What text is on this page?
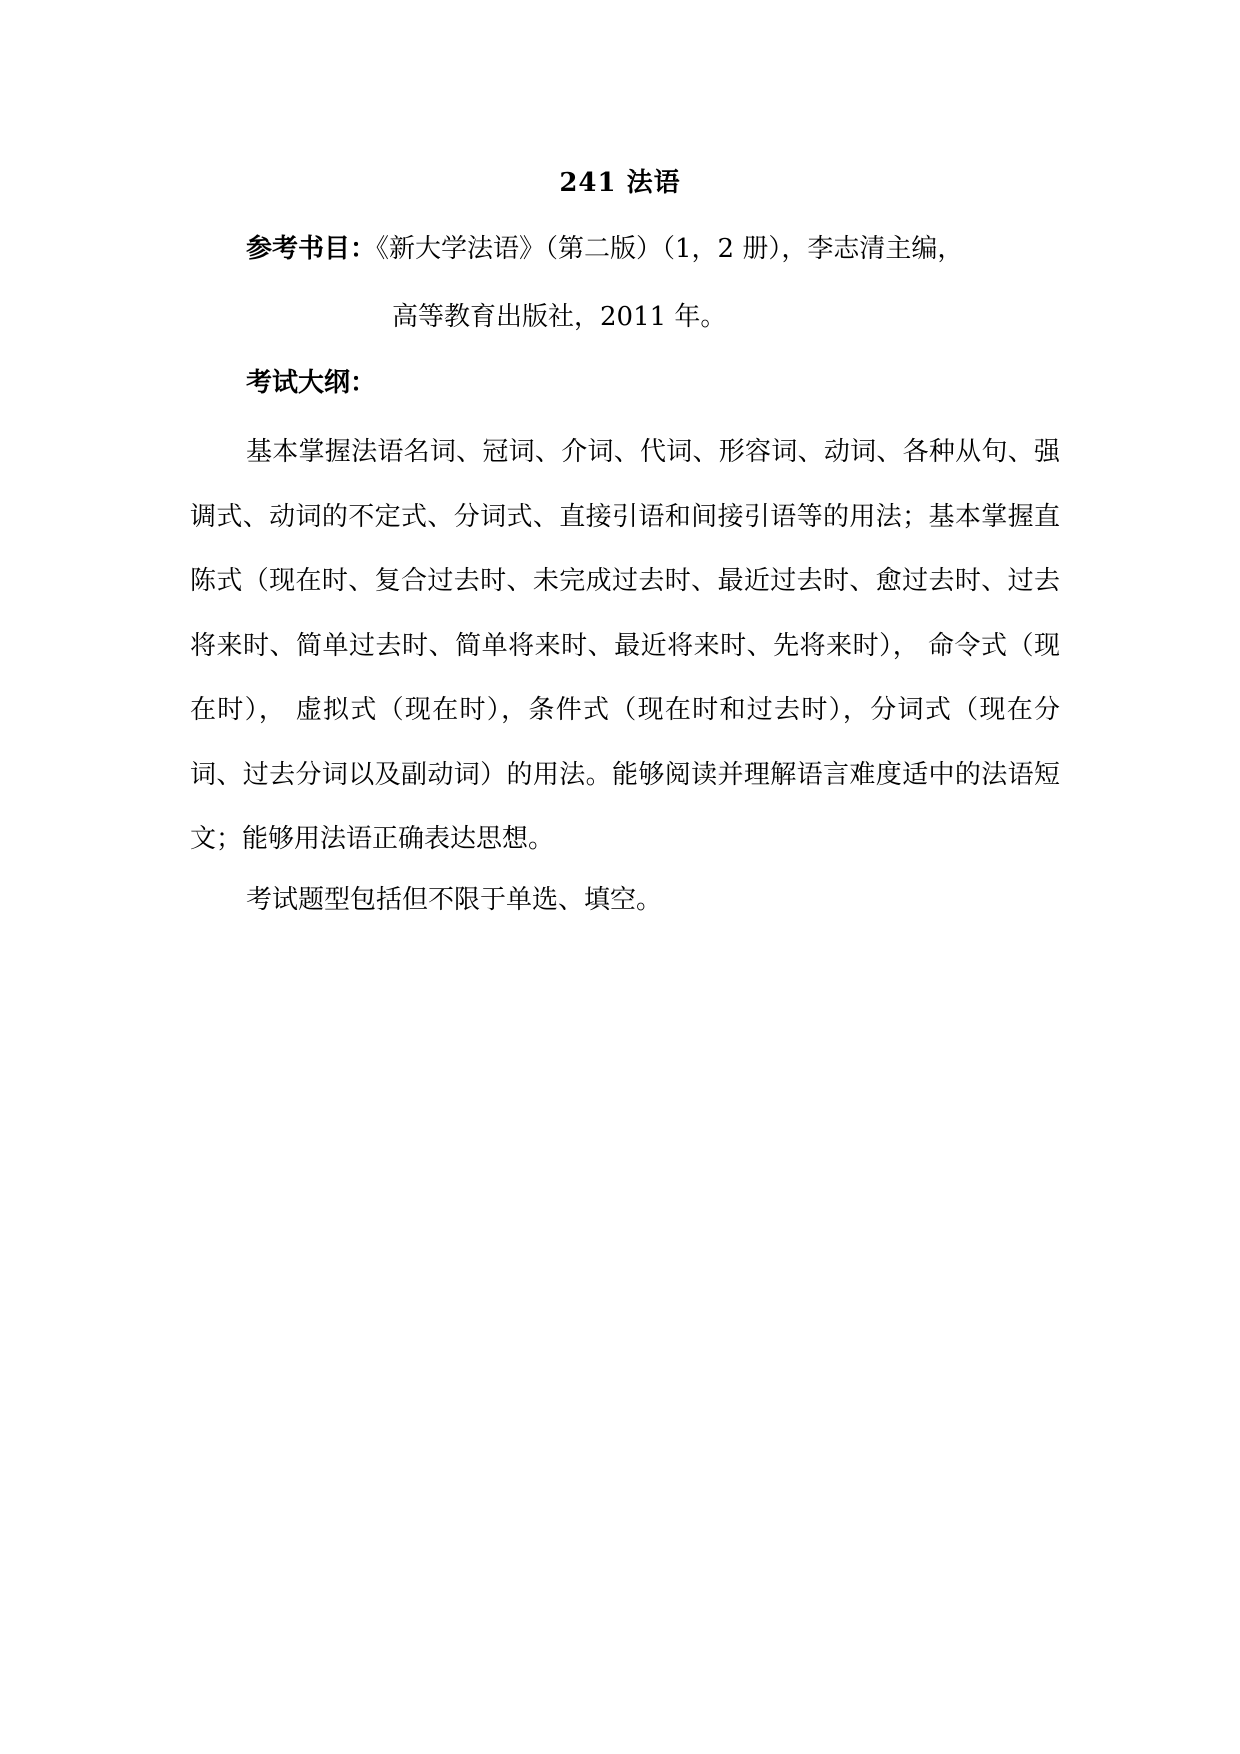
241 法语
参考书目：《新大学法语》（第二版）（1，2 册），李志清主编，
高等教育出版社，2011 年。
考试大纲：
基本掌握法语名词、冠词、介词、代词、形容词、动词、各种从句、强调式、动词的不定式、分词式、直接引语和间接引语等的用法；基本掌握直陈式（现在时、复合过去时、未完成过去时、最近过去时、愈过去时、过去将来时、简单过去时、简单将来时、最近将来时、先将来时）， 命令式（现在时）， 虚拟式（现在时），条件式（现在时和过去时），分词式（现在分词、过去分词以及副动词）的用法。能够阅读并理解语言难度适中的法语短文；能够用法语正确表达思想。
考试题型包括但不限于单选、填空。
